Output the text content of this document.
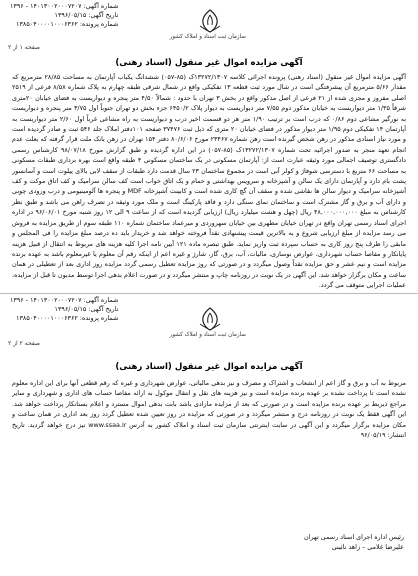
شماره آگهی: ۱۴۰۱۳۰۰۲۰۰۰۷۲۰۷ - ۱۳۹۶
تاریخ آگهی: ۱۳۹۶/۰۵/۱۵
شماره پرونده: ۱۳۸۵۰۴۰۰۰۰۱۰۰۰۶۳۶۲
سازمان ثبت اسناد و املاک کشور
صفحه ۱ از ۲
آگهی مزایده اموال غیر منقول (اسناد رهنی)

آگهی مزایده اموال غیر منقول (اسناد رهنی) پرونده اجرائی کلاسه ۱۳۲۷۲/۱۳۰۷ک (۸۵-۰۵۷) ششدانگ یکباب آپارتمان به مساحت ۲۸/۸۵ مترمربع که مقدار ۵/۶۶ مترمربع آن پیشرفتگی است در شال مورد ثبت قطعه ۱۳ تفکیکی واقع در شمال شرقی طبقه چهارم به پلاک شماره ۸/۵۸ فرعی از ۲۵۱۹ اصلی مفروز و مجزی شده از ۲۱ فرعی از اصل مذکور واقع در بخش ۳ تهران با حدود : شمالاً ۴/۵۰ متر پنجره و دیواریست به فضای خیابان ۲۰متری شرقاً ۱/۳۵ متر دیواریست به خیابان مذکور دوم ۷/۵۵ متر دیواریست به دیوار پلاک ۶۴۵۰/۲ جزء بخش دو تهران جنوباً اول ۳/۷۵ متر پنجره و دیواریست به نورگیر مشاعی دوم ۰/۸۶ که درب است بر ترتیب ۱/۹۰ متر هر دو قسمت اخیر درب و دیواریست به راه مشاعی غرباً اول ۲/۶۰ متر دیواریست به آپارتمان ۱۴ تفکیکی دوم ۱/۹۵ متر دیوار مذکور در فضای خیابان ۲۰ متری که ذیل ثبت ۳۷۴۷۶ صفحه ۱۰۱دفتر املاک جلد ۵۴۶ ثبت و صادر گردیده است و مورد نیاز اسنادی مذکور در رهن شخص گیرنده است رهن شماره ۲۳۴۶۷ مورخ ۸۰/۶/۰۶ دفتر ۱۵۴ تهران در رهن بانک ملت قرار گرفته که بعلت عدم انجام تعهد منجر به صدور اجرائیه تحت شماره ۱۳۲۷۲/۱۳۰۷ک (۸۵-۰۵۷) در این اداره گردیده و طبق گزارش مورخ ۹۸/۰۷/۱۸ کارشناس رسمی دادگستری توصیف اجمالی مورد وثیقه عبارت است از: آپارتمان مسکونی در یک ساختمان مسکونی ۴ طبقه واقع است بهره برداری طبقات مسکونی به مساحت ۶۶ متربع با دسترسی شوفاژ و کولر آبی است در مجموع ساختمان ۲۳ سال قدمت دارد طبقات از سقف لابی بالای پیلوت است و آسانسور پشت بام دارد و آپارتمان دارای یک سالن و آشپزخانه و سرویس بهداشتی و حمام و یک اتاق خواب است کف سالن سرامیک و کف اتاق موکت و کف آشپزخانه سرامیک و دیوار سالن ها نقاشی شده و سقف آن گچ کاری شده است و کابینت آشپزخانه MDF و پنجره ها آلومینیومی و درب ورودی چوبی و دارای آب و برق و گاز مشترک است و ساختمان نمای سنگی دارد و فاقد پارکینگ است و ملک مورد وثیقه در تصرف راهن می باشد و طبق نظر کارشناس به مبلغ ۴۸,۰۰۰,۰۰۰,۰۰۰ ریال (چهل و هشت میلیارد ریال) ارزیابی گردیده است که از ساعت ۹ الی ۱۲ روز شنبه مورخ ۹۶/۰۶/۰۱ در اداره اجرای اسناد رسمی تهران واقع در تهران خیابان مطهری بین خیابان سهروردی و میرعماد ساختمان شماره ۱۱۰ طبقه سوم از طریق مزایده به فروش می رسد مزایده از مبلغ ارزیابی شروع و به بالاترین قیمت پیشنهادی نقداً فروخته خواهد شد و خریدار باید ده درصد مبلغ مزایده را فی المجلس و مابقی را ظرف پنج روز کاری به حساب سپرده ثبت واریز نماید. طبق تبصره ماده ۱۲۱ آیین نامه اجرا کلیه هزینه های مربوط به انتقال از قبیل هزینه پایانکار و مفاصا حساب شهرداری، عوارض نوسازی، مالیات، آب، برق، گاز، شارژ و غیره اعم از اینکه رقم آن معلوم یا غیرمعلوم باشد به عهده برنده مزایده است و نیم عشر و حق مزایده نقداً وصول میگردد و در صورتی که روز مزایده تعطیل رسمی گردد مزایده روز اداری بعد از تعطیلی در همان ساعت و مکان برگزار خواهد شد. این آگهی در یک نوبت در روزنامه چاپ و منتشر میگردد و در صورت اعلام بدهی اجرا توسط مدیون تا قبل از مزایده، عملیات اجرایی متوقف می گردد.

شماره آگهی: ۱۴۰۱۳۰۰۲۰۰۰۷۲۰۷ - ۱۳۹۶
تاریخ آگهی: ۱۳۹۶/۰۵/۱۵
شماره پرونده: ۱۳۸۵۰۴۰۰۰۰۱۰۰۰۶۳۶۲
سازمان ثبت اسناد و املاک کشور
صفحه ۲ از ۲
آگهی مزایده اموال غیر منقول (اسناد رهنی)

مربوط به آب و برق و گاز اعم از انشعاب و اشتراک و مصرف و نیز بدهی مالیاتی، عوارض شهرداری و غیره که رقم قطعی آنها برای این اداره معلوم نشده است تا پرداخت نشده بر عهده برنده مزایده است و نیز هزینه های نقل و انتقال موکول به ارائه مفاصا حساب های اداری و شهرداری و سایر مراجع ذیربط بر عهده برنده مزایده است و در صورتی که بعد از مزایده مازادی باشد بابت بدهی اموال مسترد و اعلام بستانکار پرداخت خواهد شد. این آگهی فقط یک نوبت در روزنامه درج و منتشر میگردد و در صورتی که مزایده در روز تعیین شده تعطیل گردد روز بعد اداری در همان ساعت و مکان مزایده برگزار میگردد و این آگهی در سایت اینترنتی سازمان ثبت اسناد و املاک کشور به آدرس www.ssaa.ir نیز درج خواهد گردید. تاریخ انتشار: ۹۶/۰۵/۱۹

رئیس اداره اجرای اسناد رسمی تهران
علیرضا غلامی – زاهد نائینی
